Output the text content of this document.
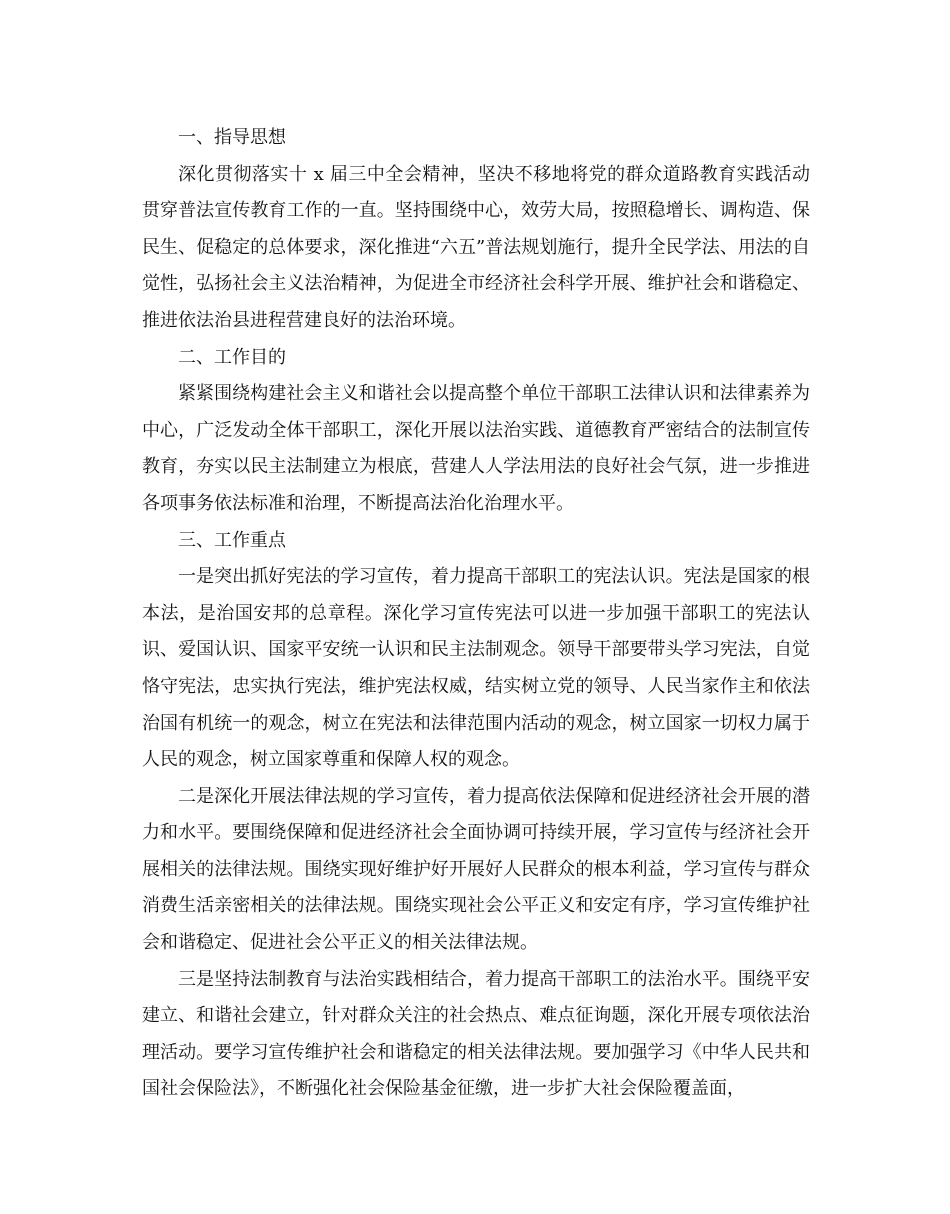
一、指导思想

深化贯彻落实十 x 届三中全会精神，坚决不移地将党的群众道路教育实践活动贯穿普法宣传教育工作的一直。坚持围绕中心，效劳大局，按照稳增长、调构造、保民生、促稳定的总体要求，深化推进“六五”普法规划施行，提升全民学法、用法的自觉性，弘扬社会主义法治精神，为促进全市经济社会科学开展、维护社会和谐稳定、推进依法治县进程营建良好的法治环境。

二、工作目的

紧紧围绕构建社会主义和谐社会以提高整个单位干部职工法律认识和法律素养为中心，广泛发动全体干部职工，深化开展以法治实践、道德教育严密结合的法制宣传教育，夯实以民主法制建立为根底，营建人人学法用法的良好社会气氛，进一步推进各项事务依法标准和治理，不断提高法治化治理水平。

三、工作重点

一是突出抓好宪法的学习宣传，着力提高干部职工的宪法认识。宪法是国家的根本法，是治国安邦的总章程。深化学习宣传宪法可以进一步加强干部职工的宪法认识、爱国认识、国家平安统一认识和民主法制观念。领导干部要带头学习宪法，自觉恪守宪法，忠实执行宪法，维护宪法权威，结实树立党的领导、人民当家作主和依法治国有机统一的观念，树立在宪法和法律范围内活动的观念，树立国家一切权力属于人民的观念，树立国家尊重和保障人权的观念。

二是深化开展法律法规的学习宣传，着力提高依法保障和促进经济社会开展的潜力和水平。要围绕保障和促进经济社会全面协调可持续开展，学习宣传与经济社会开展相关的法律法规。围绕实现好维护好开展好人民群众的根本利益，学习宣传与群众消费生活亲密相关的法律法规。围绕实现社会公平正义和安定有序，学习宣传维护社会和谐稳定、促进社会公平正义的相关法律法规。

三是坚持法制教育与法治实践相结合，着力提高干部职工的法治水平。围绕平安建立、和谐社会建立，针对群众关注的社会热点、难点征询题，深化开展专项依法治理活动。要学习宣传维护社会和谐稳定的相关法律法规。要加强学习《中华人民共和国社会保险法》，不断强化社会保险基金征缴，进一步扩大社会保险覆盖面，
